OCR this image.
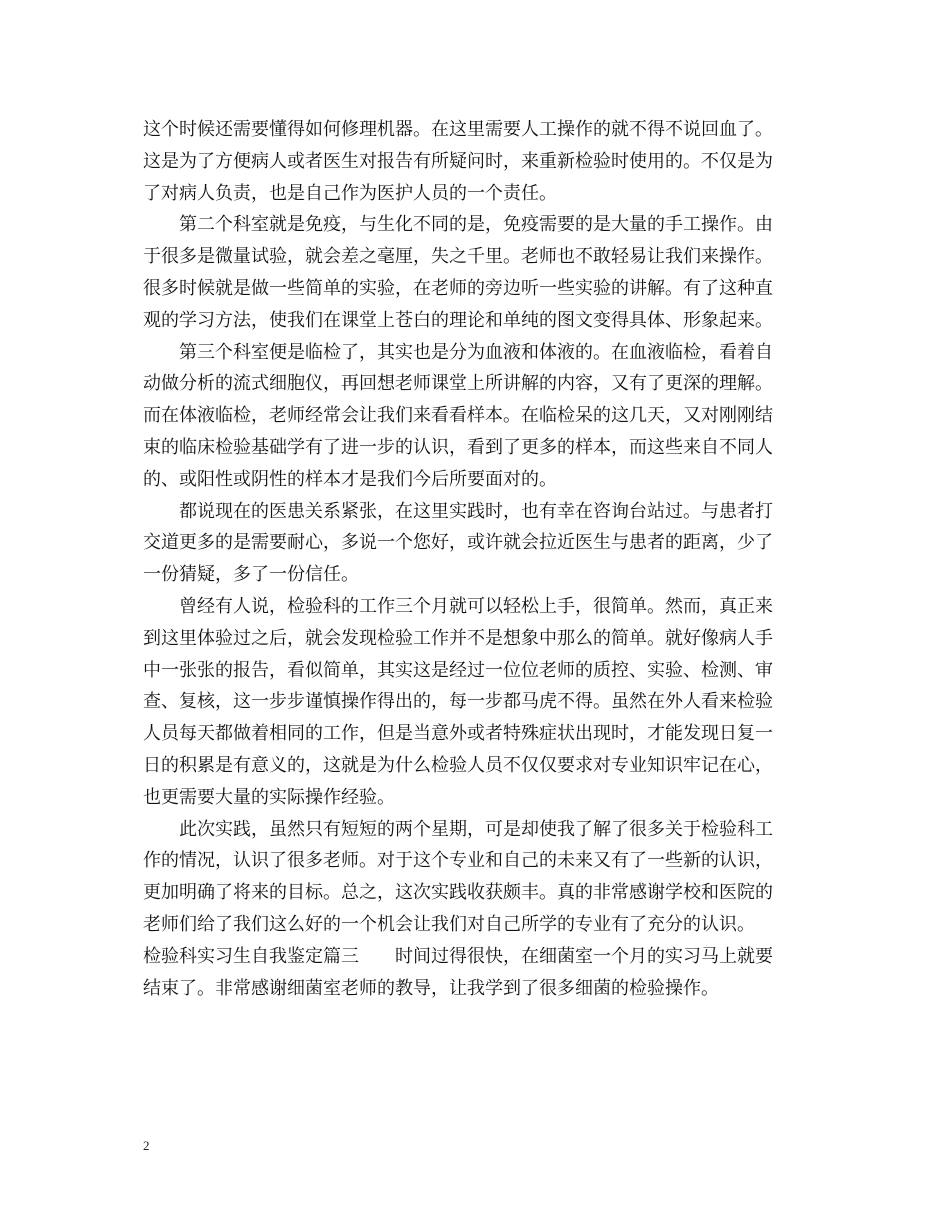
这个时候还需要懂得如何修理机器。在这里需要人工操作的就不得不说回血了。
这是为了方便病人或者医生对报告有所疑问时，来重新检验时使用的。不仅是为
了对病人负责，也是自己作为医护人员的一个责任。
第二个科室就是免疫，与生化不同的是，免疫需要的是大量的手工操作。由
于很多是微量试验，就会差之毫厘，失之千里。老师也不敢轻易让我们来操作。
很多时候就是做一些简单的实验，在老师的旁边听一些实验的讲解。有了这种直
观的学习方法，使我们在课堂上苍白的理论和单纯的图文变得具体、形象起来。
第三个科室便是临检了，其实也是分为血液和体液的。在血液临检，看着自
动做分析的流式细胞仪，再回想老师课堂上所讲解的内容，又有了更深的理解。
而在体液临检，老师经常会让我们来看看样本。在临检呆的这几天，又对刚刚结
束的临床检验基础学有了进一步的认识，看到了更多的样本，而这些来自不同人
的、或阳性或阴性的样本才是我们今后所要面对的。
都说现在的医患关系紧张，在这里实践时，也有幸在咨询台站过。与患者打
交道更多的是需要耐心，多说一个您好，或许就会拉近医生与患者的距离，少了
一份猜疑，多了一份信任。
曾经有人说，检验科的工作三个月就可以轻松上手，很简单。然而，真正来
到这里体验过之后，就会发现检验工作并不是想象中那么的简单。就好像病人手
中一张张的报告，看似简单，其实这是经过一位位老师的质控、实验、检测、审
查、复核，这一步步谨慎操作得出的，每一步都马虎不得。虽然在外人看来检验
人员每天都做着相同的工作，但是当意外或者特殊症状出现时，才能发现日复一
日的积累是有意义的，这就是为什么检验人员不仅仅要求对专业知识牢记在心，
也更需要大量的实际操作经验。
此次实践，虽然只有短短的两个星期，可是却使我了解了很多关于检验科工
作的情况，认识了很多老师。对于这个专业和自己的未来又有了一些新的认识，
更加明确了将来的目标。总之，这次实践收获颇丰。真的非常感谢学校和医院的
老师们给了我们这么好的一个机会让我们对自己所学的专业有了充分的认识。
检验科实习生自我鉴定篇三 时间过得很快，在细菌室一个月的实习马上就要
结束了。非常感谢细菌室老师的教导，让我学到了很多细菌的检验操作。
2
